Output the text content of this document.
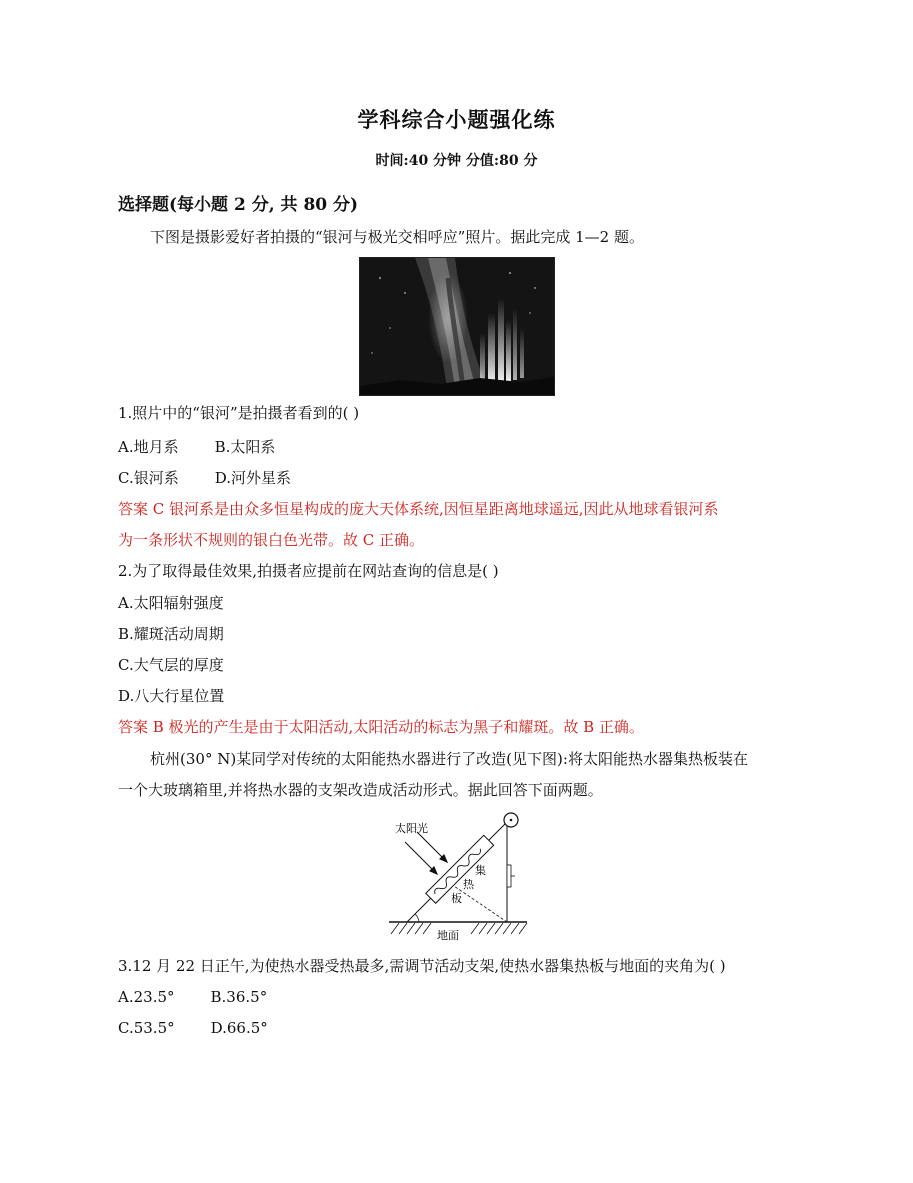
学科综合小题强化练
时间:40 分钟 分值:80 分
选择题(每小题 2 分, 共 80 分)
下图是摄影爱好者拍摄的“银河与极光交相呼应”照片。据此完成 1—2 题。
1.照片中的“银河”是拍摄者看到的( )
A.地月系 B.太阳系
C.银河系 D.河外星系
答案 C 银河系是由众多恒星构成的庞大天体系统,因恒星距离地球遥远,因此从地球看银河系
为一条形状不规则的银白色光带。故 C 正确。
2.为了取得最佳效果,拍摄者应提前在网站查询的信息是( )
A.太阳辐射强度
B.耀斑活动周期
C.大气层的厚度
D.八大行星位置
答案 B 极光的产生是由于太阳活动,太阳活动的标志为黑子和耀斑。故 B 正确。
杭州(30° N)某同学对传统的太阳能热水器进行了改造(见下图):将太阳能热水器集热板装在
一个大玻璃箱里,并将热水器的支架改造成活动形式。据此回答下面两题。
太阳光
集
热
板
地面
3.12 月 22 日正午,为使热水器受热最多,需调节活动支架,使热水器集热板与地面的夹角为( )
A.23.5° B.36.5°
C.53.5° D.66.5°
